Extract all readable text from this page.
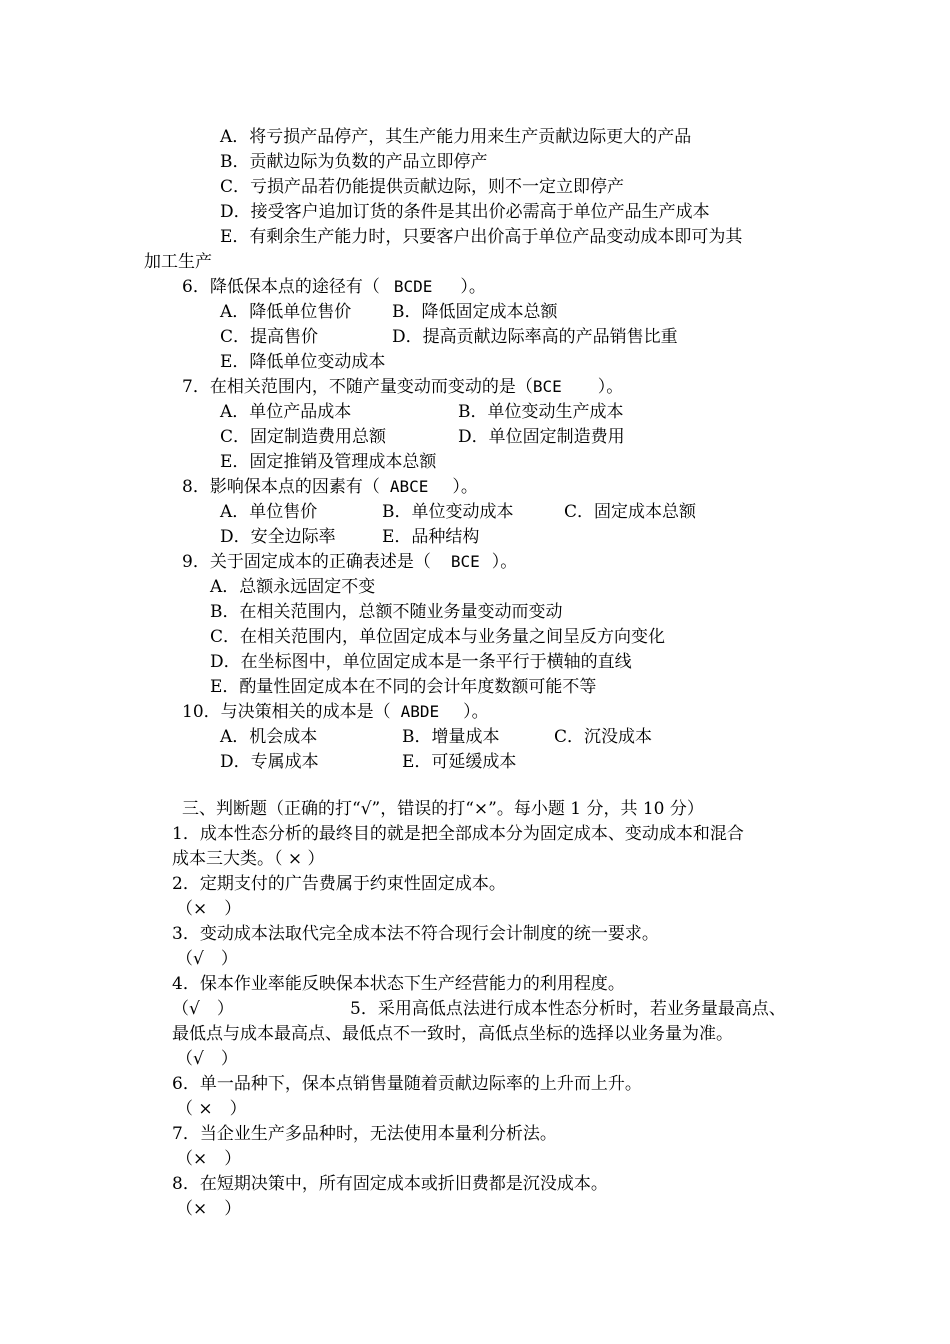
A．将亏损产品停产，其生产能力用来生产贡献边际更大的产品
B．贡献边际为负数的产品立即停产
C．亏损产品若仍能提供贡献边际，则不一定立即停产
D．接受客户追加订货的条件是其出价必需高于单位产品生产成本
E．有剩余生产能力时，只要客户出价高于单位产品变动成本即可为其
加工生产
6．降低保本点的途径有（ BCDE ）。
A．降低单位售价 B．降低固定成本总额
C．提高售价	D．提高贡献边际率高的产品销售比重
E．降低单位变动成本
7．在相关范围内，不随产量变动而变动的是（BCE ）。
A．单位产品成本	B．单位变动生产成本
C．固定制造费用总额	D．单位固定制造费用
E．固定推销及管理成本总额
8．影响保本点的因素有（ ABCE ）。
A．单位售价	B．单位变动成本	C．固定成本总额
D．安全边际率	E．品种结构
9．关于固定成本的正确表述是（ BCE ）。
A．总额永远固定不变
B．在相关范围内，总额不随业务量变动而变动
C．在相关范围内，单位固定成本与业务量之间呈反方向变化
D．在坐标图中，单位固定成本是一条平行于横轴的直线
E．酌量性固定成本在不同的会计年度数额可能不等
10．与决策相关的成本是（ ABDE ）。
A．机会成本	B．增量成本	C．沉没成本
D．专属成本	E．可延缓成本
三、判断题（正确的打“√”，错误的打“×”。每小题 1 分，共 10 分）
1．成本性态分析的最终目的就是把全部成本分为固定成本、变动成本和混合
成本三大类。（ × ）
2．定期支付的广告费属于约束性固定成本。
（×　）
3．变动成本法取代完全成本法不符合现行会计制度的统一要求。
（√　）
4．保本作业率能反映保本状态下生产经营能力的利用程度。
（√　）	5．采用高低点法进行成本性态分析时，若业务量最高点、
最低点与成本最高点、最低点不一致时，高低点坐标的选择以业务量为准。
（√　）
6．单一品种下，保本点销售量随着贡献边际率的上升而上升。
（ ×　）
7．当企业生产多品种时，无法使用本量利分析法。
（×　）
8．在短期决策中，所有固定成本或折旧费都是沉没成本。
（×　）
